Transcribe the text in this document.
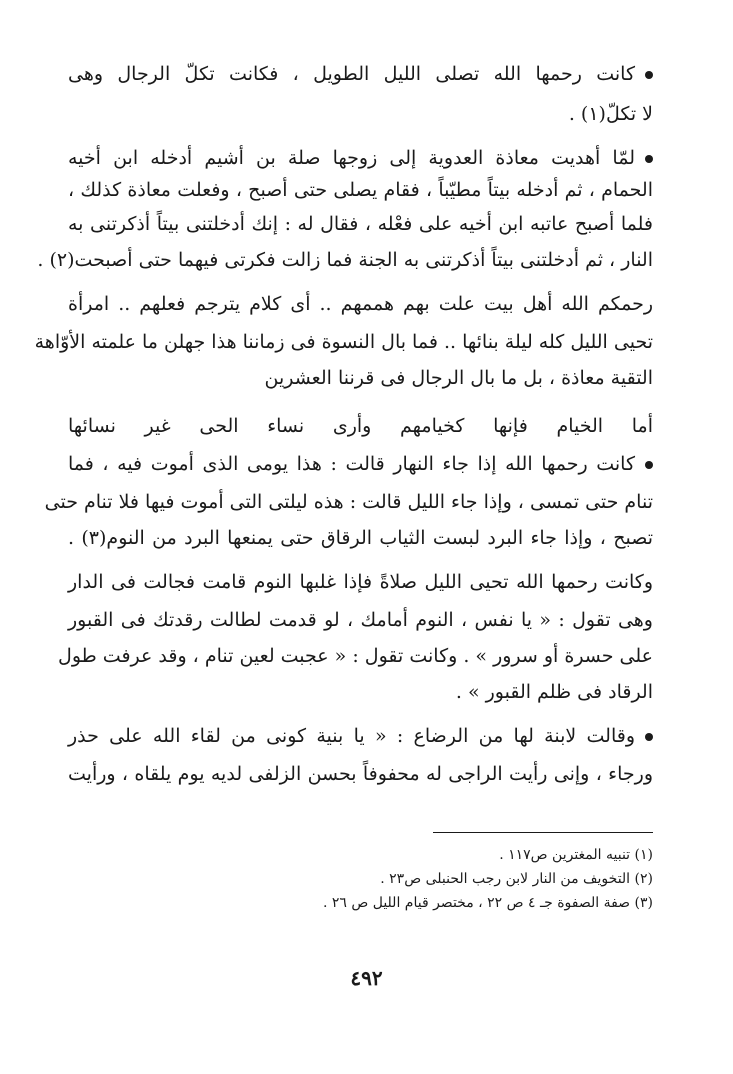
كانت رحمها الله تصلى الليل الطويل ، فكانت تكلّ الرجال وهى
لا تكلّ(١) .
لمّا أهديت معاذة العدوية إلى زوجها صلة بن أشيم أدخله ابن أخيه
الحمام ، ثم أدخله بيتاً مطيّباً ، فقام يصلى حتى أصبح ، وفعلت معاذة كذلك ،
فلما أصبح عاتبه ابن أخيه على فعْله ، فقال له : إنك أدخلتنى بيتاً أذكرتنى به
النار ، ثم أدخلتنى بيتاً أذكرتنى به الجنة فما زالت فكرتى فيهما حتى أصبحت(٢) .
رحمكم الله أهل بيت علت بهم هممهم .. أى كلام يترجم فعلهم .. امرأة
تحيى الليل كله ليلة بنائها .. فما بال النسوة فى زماننا هذا جهلن ما علمته الأوّاهة
التقية معاذة ، بل ما بال الرجال فى قرننا العشرين
أما الخيام فإنها كخيامهم وأرى نساء الحى غير نسائها
كانت رحمها الله إذا جاء النهار قالت : هذا يومى الذى أموت فيه ، فما
تنام حتى تمسى ، وإذا جاء الليل قالت : هذه ليلتى التى أموت فيها فلا تنام حتى
تصبح ، وإذا جاء البرد لبست الثياب الرقاق حتى يمنعها البرد من النوم(٣) .
وكانت رحمها الله تحيى الليل صلاةً فإذا غلبها النوم قامت فجالت فى الدار
وهى تقول : « يا نفس ، النوم أمامك ، لو قدمت لطالت رقدتك فى القبور
على حسرة أو سرور » . وكانت تقول : « عجبت لعين تنام ، وقد عرفت طول
الرقاد فى ظلم القبور » .
وقالت لابنة لها من الرضاع : « يا بنية كونى من لقاء الله على حذر
ورجاء ، وإنى رأيت الراجى له محفوفاً بحسن الزلفى لديه يوم يلقاه ، ورأيت
(١) تنبيه المغترين ص١١٧ .
(٢) التخويف من النار لابن رجب الحنبلى ص٢٣ .
(٣) صفة الصفوة جـ ٤ ص ٢٢ ، مختصر قيام الليل ص ٢٦ .
٤٩٢
